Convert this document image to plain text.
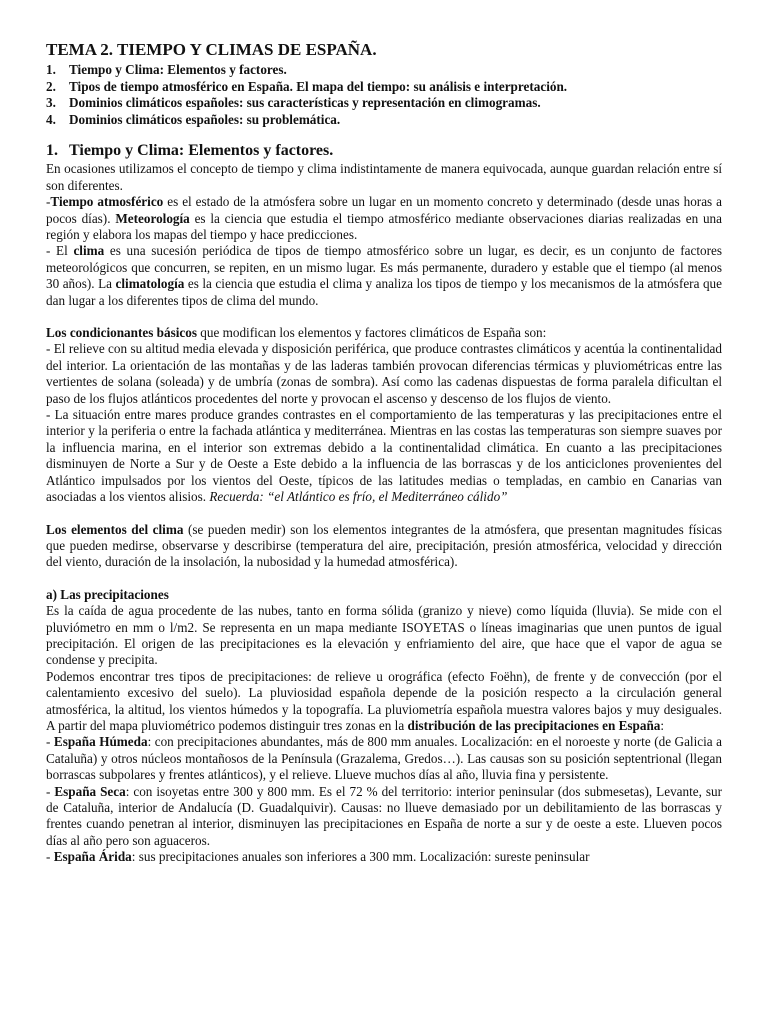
TEMA 2. TIEMPO Y CLIMAS DE ESPAÑA.
1. Tiempo y Clima: Elementos y factores.
2. Tipos de tiempo atmosférico en España. El mapa del tiempo: su análisis e interpretación.
3. Dominios climáticos españoles: sus características y representación en climogramas.
4. Dominios climáticos españoles: su problemática.
1. Tiempo y Clima: Elementos y factores.

En ocasiones utilizamos el concepto de tiempo y clima indistintamente de manera equivocada, aunque guardan relación entre sí son diferentes.

-Tiempo atmosférico es el estado de la atmósfera sobre un lugar en un momento concreto y determinado (desde unas horas a pocos días). Meteorología es la ciencia que estudia el tiempo atmosférico mediante observaciones diarias realizadas en una región y elabora los mapas del tiempo y hace predicciones.

- El clima es una sucesión periódica de tipos de tiempo atmosférico sobre un lugar, es decir, es un conjunto de factores meteorológicos que concurren, se repiten, en un mismo lugar. Es más permanente, duradero y estable que el tiempo (al menos 30 años). La climatología es la ciencia que estudia el clima y analiza los tipos de tiempo y los mecanismos de la atmósfera que dan lugar a los diferentes tipos de clima del mundo.

Los condicionantes básicos que modifican los elementos y factores climáticos de España son:

- El relieve con su altitud media elevada y disposición periférica, que produce contrastes climáticos y acentúa la continentalidad del interior. La orientación de las montañas y de las laderas también provocan diferencias térmicas y pluviométricas entre las vertientes de solana (soleada) y de umbría (zonas de sombra). Así como las cadenas dispuestas de forma paralela dificultan el paso de los flujos atlánticos procedentes del norte y provocan el ascenso y descenso de los flujos de viento.

- La situación entre mares produce grandes contrastes en el comportamiento de las temperaturas y las precipitaciones entre el interior y la periferia o entre la fachada atlántica y mediterránea. Mientras en las costas las temperaturas son siempre suaves por la influencia marina, en el interior son extremas debido a la continentalidad climática. En cuanto a las precipitaciones disminuyen de Norte a Sur y de Oeste a Este debido a la influencia de las borrascas y de los anticiclones provenientes del Atlántico impulsados por los vientos del Oeste, típicos de las latitudes medias o templadas, en cambio en Canarias van asociadas a los vientos alisios. Recuerda: “el Atlántico es frío, el Mediterráneo cálido”

Los elementos del clima (se pueden medir) son los elementos integrantes de la atmósfera, que presentan magnitudes físicas que pueden medirse, observarse y describirse (temperatura del aire, precipitación, presión atmosférica, velocidad y dirección del viento, duración de la insolación, la nubosidad y la humedad atmosférica).

a) Las precipitaciones

Es la caída de agua procedente de las nubes, tanto en forma sólida (granizo y nieve) como líquida (lluvia). Se mide con el pluviómetro en mm o l/m2. Se representa en un mapa mediante ISOYETAS o líneas imaginarias que unen puntos de igual precipitación. El origen de las precipitaciones es la elevación y enfriamiento del aire, que hace que el vapor de agua se condense y precipita.

Podemos encontrar tres tipos de precipitaciones: de relieve u orográfica (efecto Foëhn), de frente y de convección (por el calentamiento excesivo del suelo). La pluviosidad española depende de la posición respecto a la circulación general atmosférica, la altitud, los vientos húmedos y la topografía. La pluviometría española muestra valores bajos y muy desiguales. A partir del mapa pluviométrico podemos distinguir tres zonas en la distribución de las precipitaciones en España:

- España Húmeda: con precipitaciones abundantes, más de 800 mm anuales. Localización: en el noroeste y norte (de Galicia a Cataluña) y otros núcleos montañosos de la Península (Grazalema, Gredos…). Las causas son su posición septentrional (llegan borrascas subpolares y frentes atlánticos), y el relieve. Llueve muchos días al año, lluvia fina y persistente.

- España Seca: con isoyetas entre 300 y 800 mm. Es el 72 % del territorio: interior peninsular (dos submesetas), Levante, sur de Cataluña, interior de Andalucía (D. Guadalquivir). Causas: no llueve demasiado por un debilitamiento de las borrascas y frentes cuando penetran al interior, disminuyen las precipitaciones en España de norte a sur y de oeste a este. Llueven pocos días al año pero son aguaceros.

- España Árida: sus precipitaciones anuales son inferiores a 300 mm. Localización: sureste peninsular
